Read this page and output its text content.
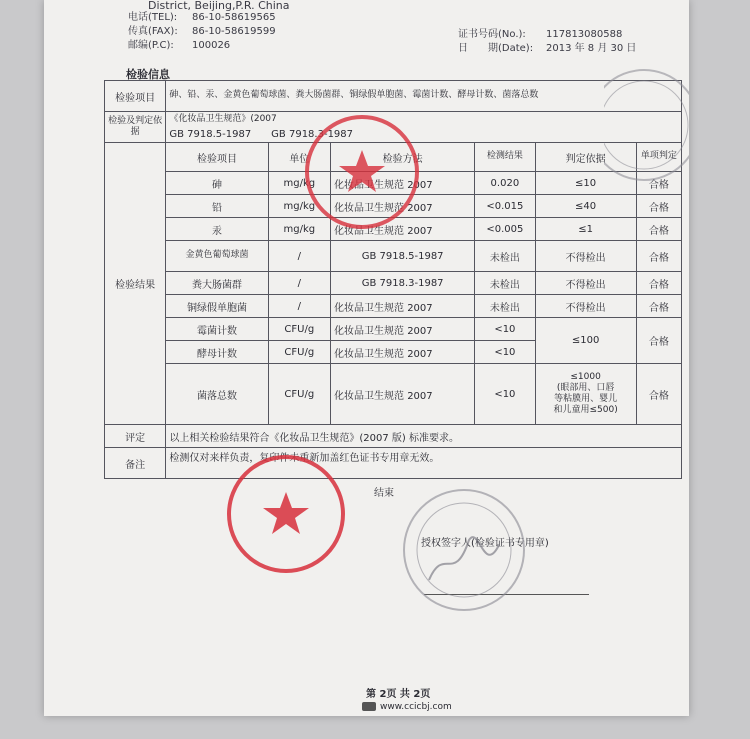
District, Beijing,P.R. China
电话(TEL): 86-10-58619565
传真(FAX): 86-10-58619599
邮编(P.C): 100026
证书号码(No.): 117813080588
日　　期(Date): 2013 年 8 月 30 日
检验信息
检验项目	砷、铅、汞、金黄色葡萄球菌、粪大肠菌群、铜绿假单胞菌、霉菌计数、酵母计数、菌落总数					
检验及判定依据	《化妆品卫生规范》(2007
GB 7918.5-1987　　GB 7918.3-1987					

检验结果	检验项目	单位	检验方法	检测结果	判定依据	单项判定
	砷	mg/kg	化妆品卫生规范 2007	0.020	≤10	合格
	铅	mg/kg	化妆品卫生规范 2007	<0.015	≤40	合格
	汞	mg/kg	化妆品卫生规范 2007	<0.005	≤1	合格
	金黄色葡萄球菌	/	GB 7918.5-1987	未检出	不得检出	合格
	粪大肠菌群	/	GB 7918.3-1987	未检出	不得检出	合格
	铜绿假单胞菌	/	化妆品卫生规范 2007	未检出	不得检出	合格
	霉菌计数	CFU/g	化妆品卫生规范 2007	<10	≤100	合格
	酵母计数	CFU/g	化妆品卫生规范 2007	<10		
	菌落总数	CFU/g	化妆品卫生规范 2007	<10	≤1000
(眼部用、口唇
等粘膜用、婴儿
和儿童用≤500)	合格
评定	以上相关检验结果符合《化妆品卫生规范》(2007 版) 标准要求。					
备注	检测仅对来样负责，复印件未重新加盖红色证书专用章无效。					
结束
授权签字人(检验证书专用章)
第 2页 共 2页
www.ccicbj.com
